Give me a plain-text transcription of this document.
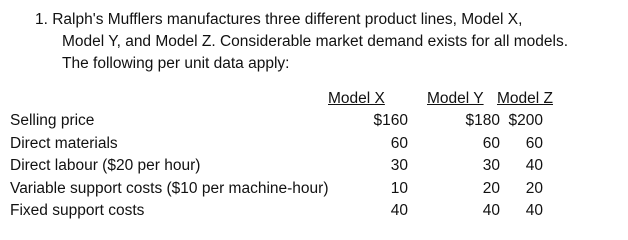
1. Ralph's Mufflers manufactures three different product lines, Model X,
Model Y, and Model Z. Considerable market demand exists for all models.
The following per unit data apply:
Model X	Model Y Model Z
Selling price	$160	$180 $200
Direct materials	60	60 60
Direct labour ($20 per hour)	30	30 40
Variable support costs ($10 per machine-hour)	10	20 20
Fixed support costs	40	40 40
